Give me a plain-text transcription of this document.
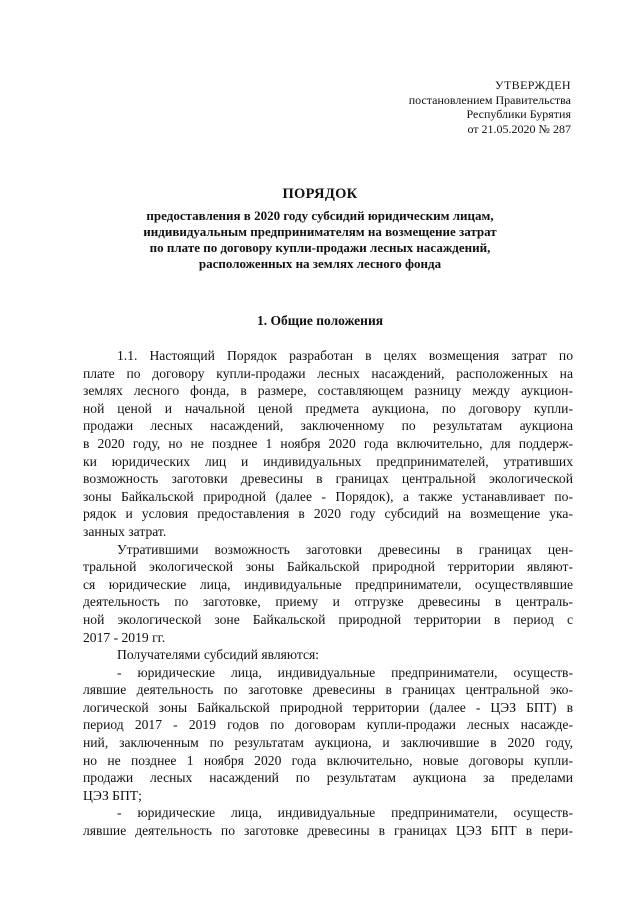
УТВЕРЖДЕН
постановлением Правительства
Республики Бурятия
от 21.05.2020 № 287
ПОРЯДОК
предоставления в 2020 году субсидий юридическим лицам,
индивидуальным предпринимателям на возмещение затрат
по плате по договору купли-продажи лесных насаждений,
расположенных на землях лесного фонда
1. Общие положения
1.1. Настоящий Порядок разработан в целях возмещения затрат по
плате по договору купли-продажи лесных насаждений, расположенных на
землях лесного фонда, в размере, составляющем разницу между аукцион-
ной ценой и начальной ценой предмета аукциона, по договору купли-
продажи лесных насаждений, заключенному по результатам аукциона
в 2020 году, но не позднее 1 ноября 2020 года включительно, для поддерж-
ки юридических лиц и индивидуальных предпринимателей, утративших
возможность заготовки древесины в границах центральной экологической
зоны Байкальской природной (далее - Порядок), а также устанавливает по-
рядок и условия предоставления в 2020 году субсидий на возмещение ука-
занных затрат.
Утратившими возможность заготовки древесины в границах цен-
тральной экологической зоны Байкальской природной территории являют-
ся юридические лица, индивидуальные предприниматели, осуществлявшие
деятельность по заготовке, приему и отгрузке древесины в централь-
ной экологической зоне Байкальской природной территории в период с
2017 - 2019 гг.
Получателями субсидий являются:
- юридические лица, индивидуальные предприниматели, осуществ-
лявшие деятельность по заготовке древесины в границах центральной эко-
логической зоны Байкальской природной территории (далее - ЦЭЗ БПТ) в
период 2017 - 2019 годов по договорам купли-продажи лесных насажде-
ний, заключенным по результатам аукциона, и заключившие в 2020 году,
но не позднее 1 ноября 2020 года включительно, новые договоры купли-
продажи лесных насаждений по результатам аукциона за пределами
ЦЭЗ БПТ;
- юридические лица, индивидуальные предприниматели, осуществ-
лявшие деятельность по заготовке древесины в границах ЦЭЗ БПТ в пери-
